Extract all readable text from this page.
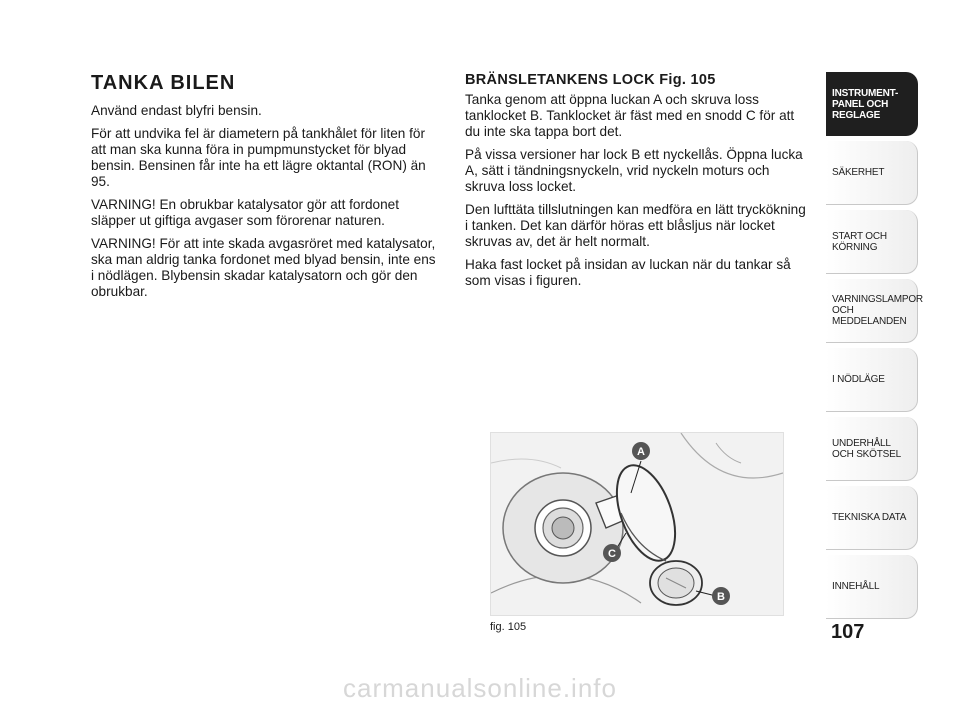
TANKA BILEN

Använd endast blyfri bensin.

För att undvika fel är diametern på tankhålet för liten för att man ska kunna föra in pumpmunstycket för blyad bensin. Bensinen får inte ha ett lägre oktantal (RON) än 95.

VARNING! En obrukbar katalysator gör att fordonet släpper ut giftiga avgaser som förorenar naturen.

VARNING! För att inte skada avgasröret med katalysator, ska man aldrig tanka fordonet med blyad bensin, inte ens i nödlägen. Blybensin skadar katalysatorn och gör den obrukbar.

BRÄNSLETANKENS LOCK Fig. 105

Tanka genom att öppna luckan A och skruva loss tanklocket B. Tanklocket är fäst med en snodd C för att du inte ska tappa bort det.

På vissa versioner har lock B ett nyckellås. Öppna lucka A, sätt i tändningsnyckeln, vrid nyckeln moturs och skruva loss locket.

Den lufttäta tillslutningen kan medföra en lätt tryckökning i tanken. Det kan därför höras ett blåsljus när locket skruvas av, det är helt normalt.

Haka fast locket på insidan av luckan när du tankar så som visas i figuren.

A
C
B
fig. 105
INSTRUMENT-
PANEL OCH
REGLAGE
SÄKERHET
START OCH
KÖRNING
VARNINGSLAMPOR
OCH
MEDDELANDEN
I NÖDLÄGE
UNDERHÅLL
OCH SKÖTSEL
TEKNISKA DATA
INNEHÅLL
107
carmanualsonline.info
